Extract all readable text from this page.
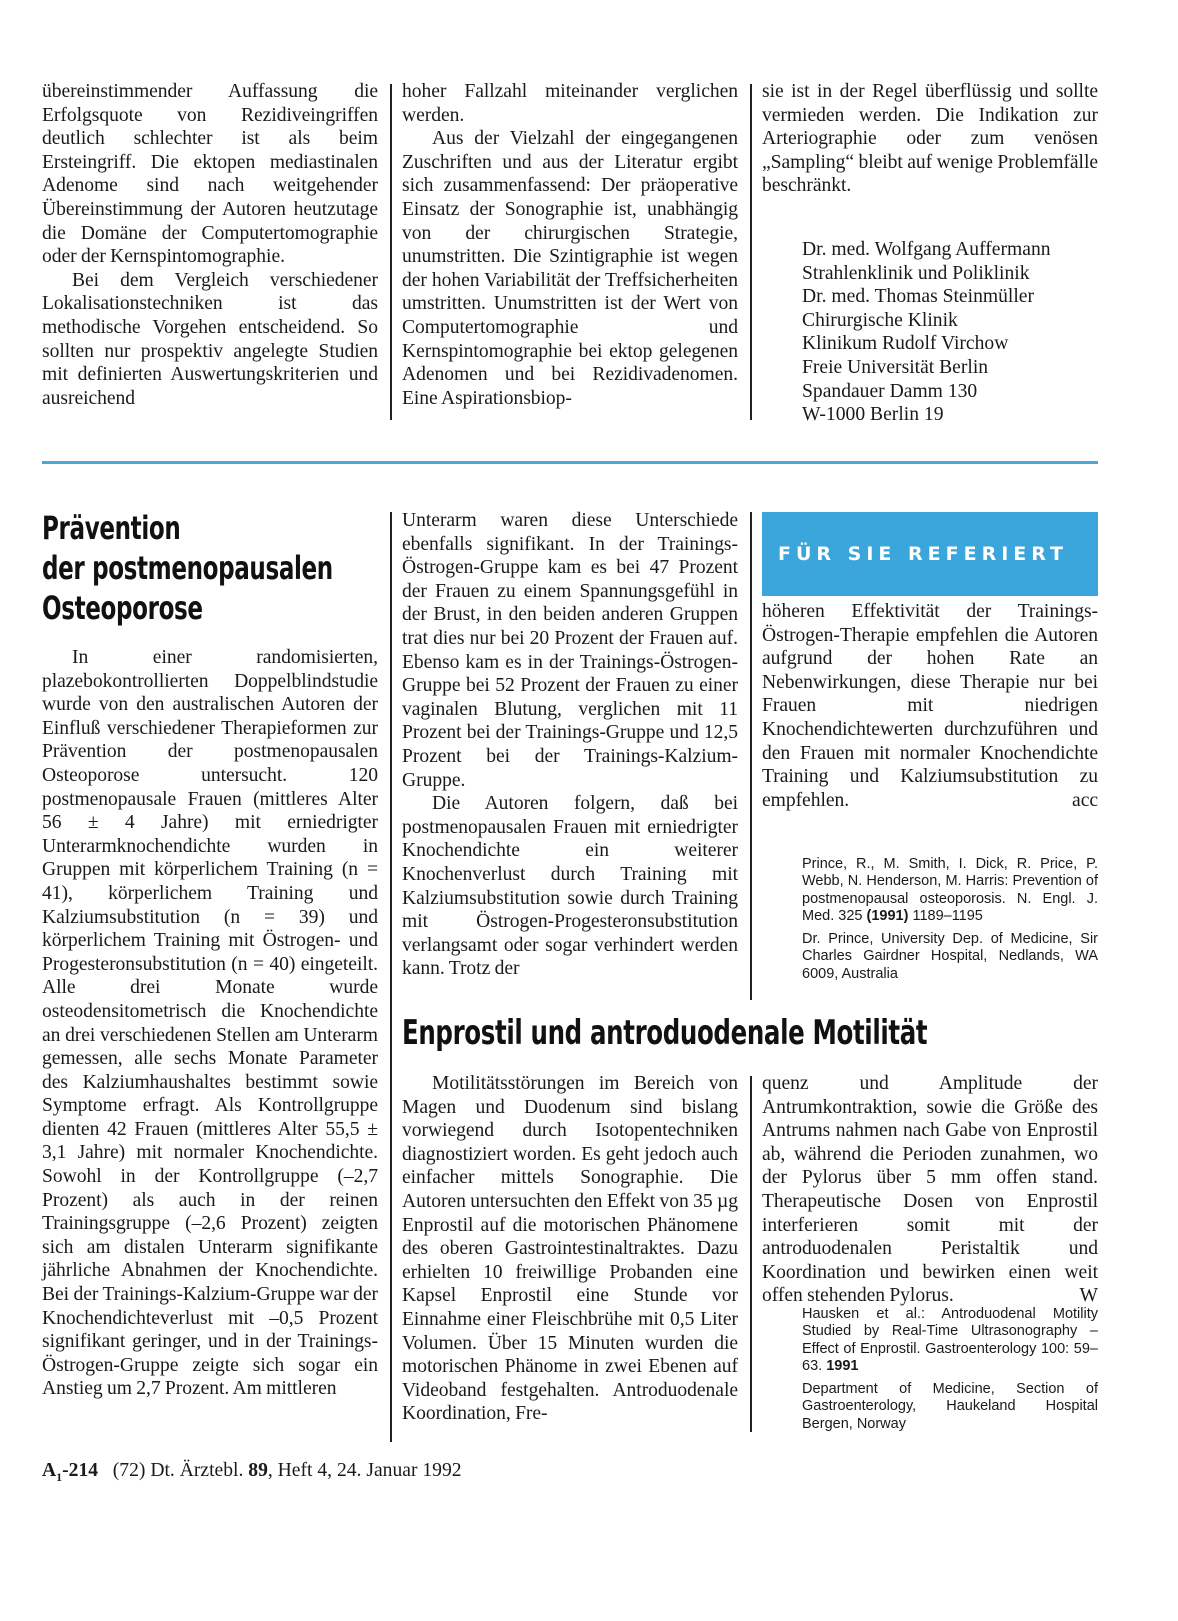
übereinstimmender Auffassung die Erfolgsquote von Rezidiveingriffen deutlich schlechter ist als beim Ersteingriff. Die ektopen mediastinalen Adenome sind nach weitgehender Übereinstimmung der Autoren heutzutage die Domäne der Computertomographie oder der Kernspintomographie.

Bei dem Vergleich verschiedener Lokalisationstechniken ist das methodische Vorgehen entscheidend. So sollten nur prospektiv angelegte Studien mit definierten Auswertungskriterien und ausreichend

hoher Fallzahl miteinander verglichen werden.

Aus der Vielzahl der eingegangenen Zuschriften und aus der Literatur ergibt sich zusammenfassend: Der präoperative Einsatz der Sonographie ist, unabhängig von der chirurgischen Strategie, unumstritten. Die Szintigraphie ist wegen der hohen Variabilität der Treffsicherheiten umstritten. Unumstritten ist der Wert von Computertomographie und Kernspintomographie bei ektop gelegenen Adenomen und bei Rezidivadenomen. Eine Aspirationsbiop-

sie ist in der Regel überflüssig und sollte vermieden werden. Die Indikation zur Arteriographie oder zum venösen „Sampling“ bleibt auf wenige Problemfälle beschränkt.

Dr. med. Wolfgang Auffermann
Strahlenklinik und Poliklinik
Dr. med. Thomas Steinmüller
Chirurgische Klinik
Klinikum Rudolf Virchow
Freie Universität Berlin
Spandauer Damm 130
W-1000 Berlin 19
Prävention
der postmenopausalen
Osteoporose

In einer randomisierten, plazebokontrollierten Doppelblindstudie wurde von den australischen Autoren der Einfluß verschiedener Therapieformen zur Prävention der postmenopausalen Osteoporose untersucht. 120 postmenopausale Frauen (mittleres Alter 56 ± 4 Jahre) mit erniedrigter Unterarmknochendichte wurden in Gruppen mit körperlichem Training (n = 41), körperlichem Training und Kalziumsubstitution (n = 39) und körperlichem Training mit Östrogen- und Progesteronsubstitution (n = 40) eingeteilt. Alle drei Monate wurde osteodensitometrisch die Knochendichte an drei verschiedenen Stellen am Unterarm gemessen, alle sechs Monate Parameter des Kalziumhaushaltes bestimmt sowie Symptome erfragt. Als Kontrollgruppe dienten 42 Frauen (mittleres Alter 55,5 ± 3,1 Jahre) mit normaler Knochendichte. Sowohl in der Kontrollgruppe (–2,7 Prozent) als auch in der reinen Trainingsgruppe (–2,6 Prozent) zeigten sich am distalen Unterarm signifikante jährliche Abnahmen der Knochendichte. Bei der Trainings-Kalzium-Gruppe war der Knochendichteverlust mit –0,5 Prozent signifikant geringer, und in der Trainings-Östrogen-Gruppe zeigte sich sogar ein Anstieg um 2,7 Prozent. Am mittleren

Unterarm waren diese Unterschiede ebenfalls signifikant. In der Trainings-Östrogen-Gruppe kam es bei 47 Prozent der Frauen zu einem Spannungsgefühl in der Brust, in den beiden anderen Gruppen trat dies nur bei 20 Prozent der Frauen auf. Ebenso kam es in der Trainings-Östrogen-Gruppe bei 52 Prozent der Frauen zu einer vaginalen Blutung, verglichen mit 11 Prozent bei der Trainings-Gruppe und 12,5 Prozent bei der Trainings-Kalzium-Gruppe.

Die Autoren folgern, daß bei postmenopausalen Frauen mit erniedrigter Knochendichte ein weiterer Knochenverlust durch Training mit Kalziumsubstitution sowie durch Training mit Östrogen-Progesteronsubstitution verlangsamt oder sogar verhindert werden kann. Trotz der

FÜR SIE REFERIERT

höheren Effektivität der Trainings-Östrogen-Therapie empfehlen die Autoren aufgrund der hohen Rate an Nebenwirkungen, diese Therapie nur bei Frauen mit niedrigen Knochendichtewerten durchzuführen und den Frauen mit normaler Knochendichte Training und Kalziumsubstitution zu empfehlen.	acc

Prince, R., M. Smith, I. Dick, R. Price, P. Webb, N. Henderson, M. Harris: Prevention of postmenopausal osteoporosis. N. Engl. J. Med. 325 (1991) 1189–1195

Dr. Prince, University Dep. of Medicine, Sir Charles Gairdner Hospital, Nedlands, WA 6009, Australia

Enprostil und antroduodenale Motilität

Motilitätsstörungen im Bereich von Magen und Duodenum sind bislang vorwiegend durch Isotopentechniken diagnostiziert worden. Es geht jedoch auch einfacher mittels Sonographie. Die Autoren untersuchten den Effekt von 35 µg Enprostil auf die motorischen Phänomene des oberen Gastrointestinaltraktes. Dazu erhielten 10 freiwillige Probanden eine Kapsel Enprostil eine Stunde vor Einnahme einer Fleischbrühe mit 0,5 Liter Volumen. Über 15 Minuten wurden die motorischen Phänome in zwei Ebenen auf Videoband festgehalten. Antroduodenale Koordination, Fre-

quenz und Amplitude der Antrumkontraktion, sowie die Größe des Antrums nahmen nach Gabe von Enprostil ab, während die Perioden zunahmen, wo der Pylorus über 5 mm offen stand. Therapeutische Dosen von Enprostil interferieren somit mit der antroduodenalen Peristaltik und Koordination und bewirken einen weit offen stehenden Pylorus.	W

Hausken et al.: Antroduodenal Motility Studied by Real-Time Ultrasonography – Effect of Enprostil. Gastroenterology 100: 59–63. 1991

Department of Medicine, Section of Gastroenterology, Haukeland Hospital Bergen, Norway

$A_1-214$ (72) Dt. Ärztebl. 89, Heft 4, 24. Januar 1992
